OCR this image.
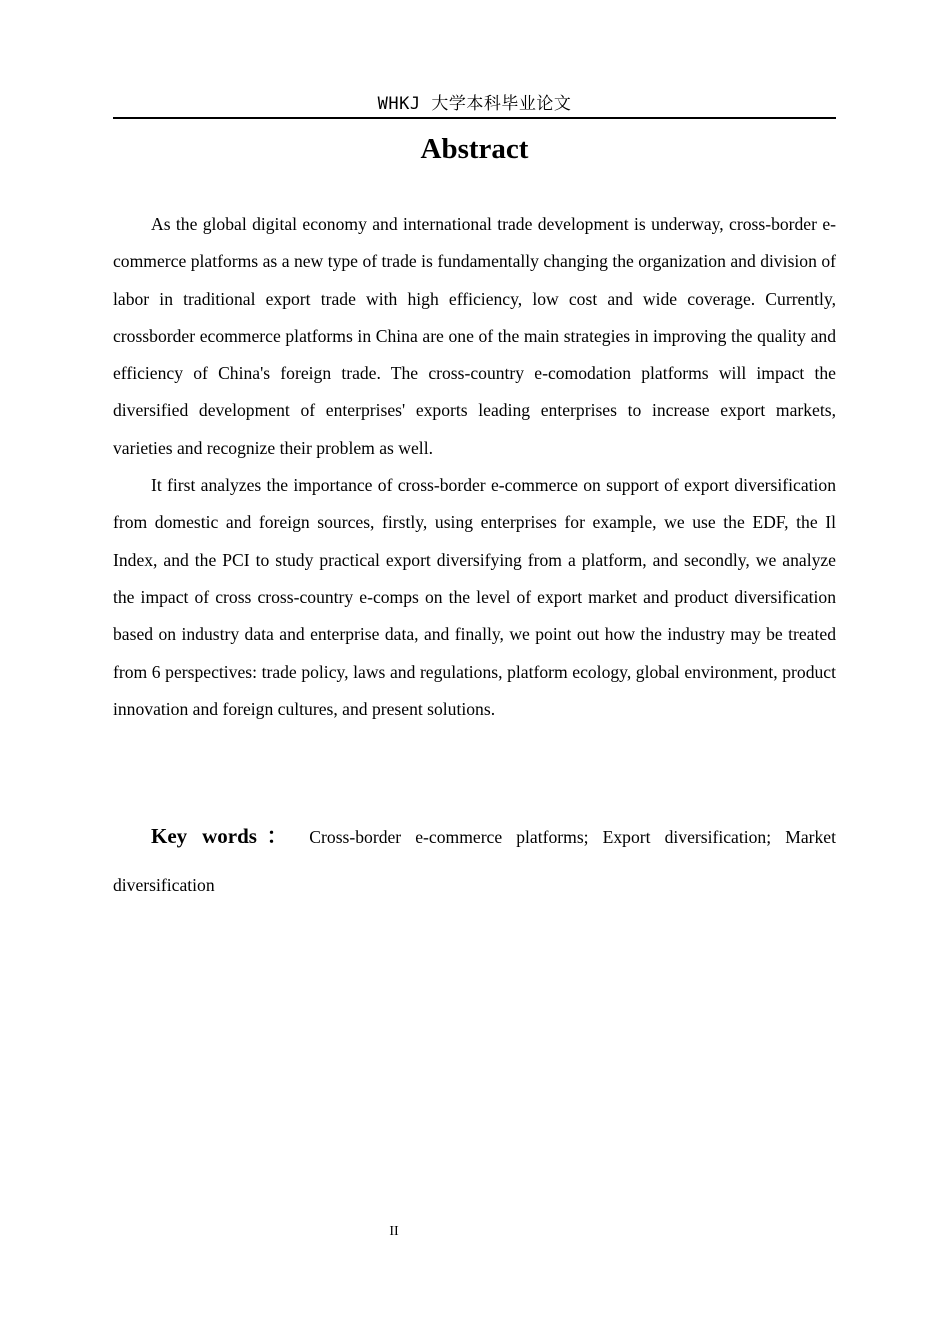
WHKJ 大学本科毕业论文
Abstract

As the global digital economy and international trade development is underway, cross-border e-commerce platforms as a new type of trade is fundamentally changing the organization and division of labor in traditional export trade with high efficiency, low cost and wide coverage. Currently, crossborder ecommerce platforms in China are one of the main strategies in improving the quality and efficiency of China's foreign trade. The cross-country e-comodation platforms will impact the diversified development of enterprises' exports leading enterprises to increase export markets, varieties and recognize their problem as well.

It first analyzes the importance of cross-border e-commerce on support of export diversification from domestic and foreign sources, firstly, using enterprises for example, we use the EDF, the Il Index, and the PCI to study practical export diversifying from a platform, and secondly, we analyze the impact of cross cross-country e-comps on the level of export market and product diversification based on industry data and enterprise data, and finally, we point out how the industry may be treated from 6 perspectives: trade policy, laws and regulations, platform ecology, global environment, product innovation and foreign cultures, and present solutions.

Key words： Cross-border e-commerce platforms; Export diversification; Market diversification

II
